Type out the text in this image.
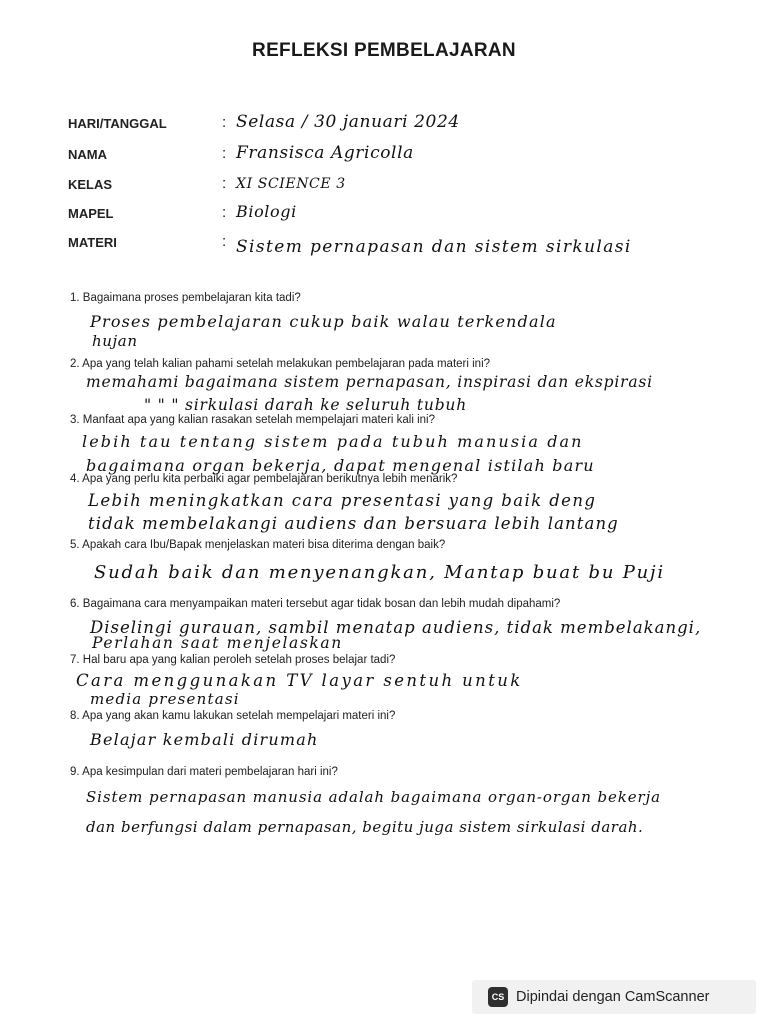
REFLEKSI PEMBELAJARAN
HARI/TANGGAL	: Selasa / 30 januari 2024
NAMA	: Fransisca Agricolla
KELAS	: XI SCIENCE 3
MAPEL	: Biologi
MATERI	: Sistem pernapasan dan sistem sirkulasi
1. Bagaimana proses pembelajaran kita tadi?
Proses pembelajaran cukup baik walau terkendala
hujan
2. Apa yang telah kalian pahami setelah melakukan pembelajaran pada materi ini?
memahami bagaimana sistem pernapasan, inspirasi dan ekspirasi
" " " sirkulasi darah ke seluruh tubuh
3. Manfaat apa yang kalian rasakan setelah mempelajari materi kali ini?
lebih tau tentang sistem pada tubuh manusia dan
bagaimana organ bekerja, dapat mengenal istilah baru
4. Apa yang perlu kita perbaiki agar pembelajaran berikutnya lebih menarik?
Lebih meningkatkan cara presentasi yang baik deng
tidak membelakangi audiens dan bersuara lebih lantang
5. Apakah cara Ibu/Bapak menjelaskan materi bisa diterima dengan baik?
Sudah baik dan menyenangkan, Mantap buat bu Puji
6. Bagaimana cara menyampaikan materi tersebut agar tidak bosan dan lebih mudah dipahami?
Diselingi gurauan, sambil menatap audiens, tidak membelakangi,
Perlahan saat menjelaskan
7. Hal baru apa yang kalian peroleh setelah proses belajar tadi?
Cara menggunakan TV layar sentuh untuk
media presentasi
8. Apa yang akan kamu lakukan setelah mempelajari materi ini?
Belajar kembali dirumah
9. Apa kesimpulan dari materi pembelajaran hari ini?
Sistem pernapasan manusia adalah bagaimana organ-organ bekerja
dan berfungsi dalam pernapasan, begitu juga sistem sirkulasi darah.
CS Dipindai dengan CamScanner
